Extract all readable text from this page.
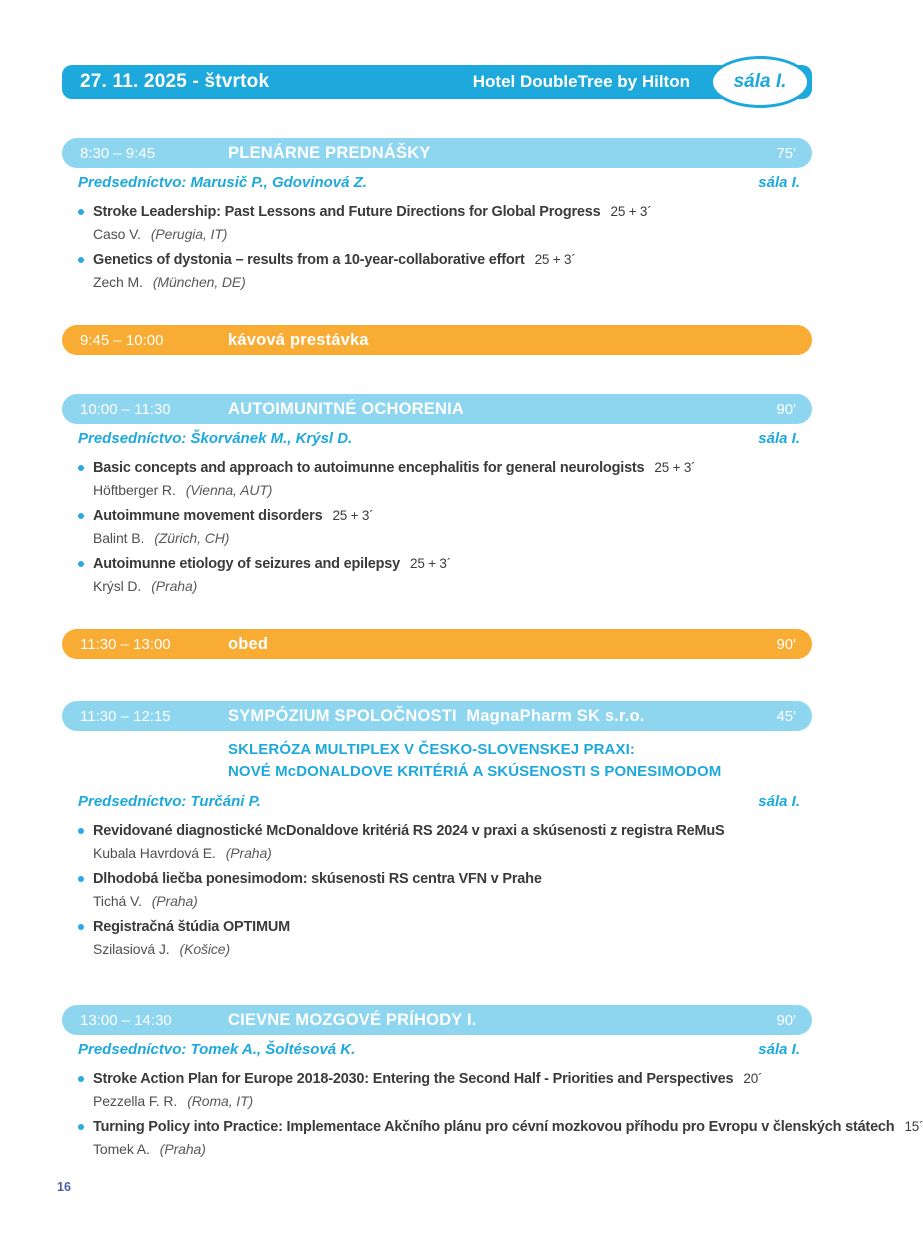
27. 11. 2025 - štvrtok	Hotel DoubleTree by Hilton	sála I.
8:30 – 9:45	PLENÁRNE PREDNÁŠKY	75'
Predsedníctvo: Marusič P., Gdovinová Z.	sála I.
Stroke Leadership: Past Lessons and Future Directions for Global Progress 25 + 3´
Caso V. (Perugia, IT)
Genetics of dystonia – results from a 10-year-collaborative effort 25 + 3´
Zech M. (München, DE)
9:45 – 10:00	kávová prestávka
10:00 – 11:30	AUTOIMUNITNÉ OCHORENIA	90'
Predsedníctvo: Škorvánek M., Krýsl D.	sála I.
Basic concepts and approach to autoimunne encephalitis for general neurologists 25 + 3´
Höftberger R. (Vienna, AUT)
Autoimmune movement disorders 25 + 3´
Balint B. (Zürich, CH)
Autoimunne etiology of seizures and epilepsy 25 + 3´
Krýsl D. (Praha)
11:30 – 13:00	obed	90'
11:30 – 12:15	SYMPÓZIUM SPOLOČNOSTI  MagnaPharm SK s.r.o.	45'
SKLERÓZA MULTIPLEX V ČESKO-SLOVENSKEJ PRAXI:
NOVÉ McDONALDOVE KRITÉRIÁ A SKÚSENOSTI S PONESIMODOM
Predsedníctvo: Turčáni P.	sála I.
Revidované diagnostické McDonaldove kritériá RS 2024 v praxi a skúsenosti z registra ReMuS
Kubala Havrdová E. (Praha)
Dlhodobá liečba ponesimodom: skúsenosti RS centra VFN v Prahe
Tichá V. (Praha)
Registračná štúdia OPTIMUM
Szilasiová J. (Košice)
13:00 – 14:30	CIEVNE MOZGOVÉ PRÍHODY I.	90'
Predsedníctvo: Tomek A., Šoltésová K.	sála I.
Stroke Action Plan for Europe 2018-2030: Entering the Second Half - Priorities and Perspectives 20´
Pezzella F. R. (Roma, IT)
Turning Policy into Practice: Implementace Akčního plánu pro cévní mozkovou příhodu pro Evropu v členských státech 15´
Tomek A. (Praha)
16
